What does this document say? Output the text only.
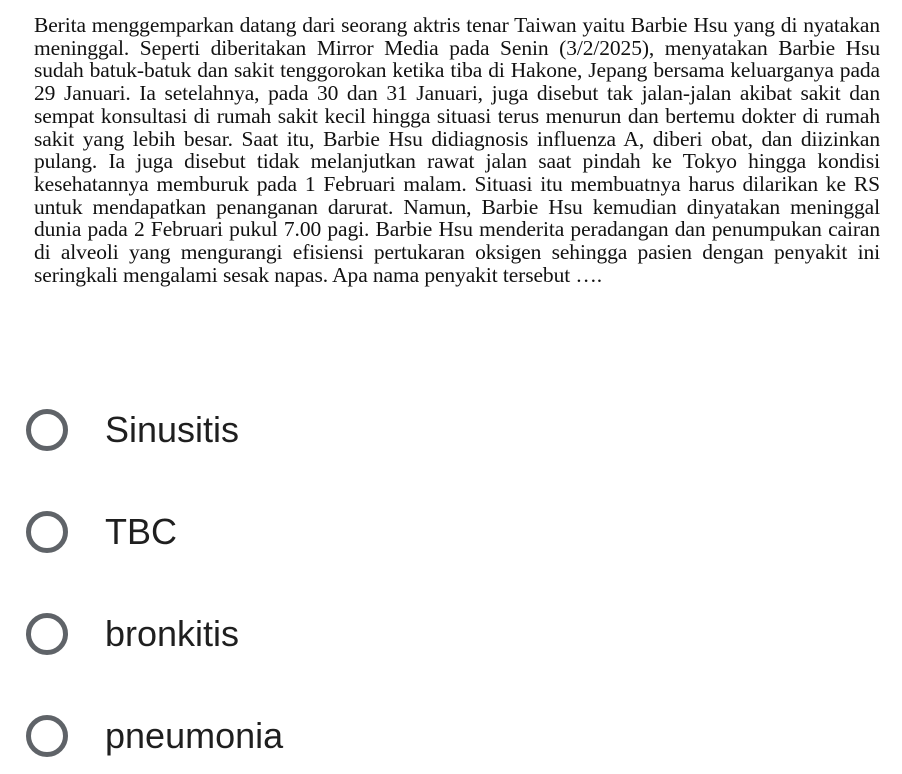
Berita menggemparkan datang dari seorang aktris tenar Taiwan yaitu Barbie Hsu yang di nyatakan meninggal. Seperti diberitakan Mirror Media pada Senin (3/2/2025), menyatakan Barbie Hsu sudah batuk-batuk dan sakit tenggorokan ketika tiba di Hakone, Jepang bersama keluarganya pada 29 Januari. Ia setelahnya, pada 30 dan 31 Januari, juga disebut tak jalan-jalan akibat sakit dan sempat konsultasi di rumah sakit kecil hingga situasi terus menurun dan bertemu dokter di rumah sakit yang lebih besar. Saat itu, Barbie Hsu didiagnosis influenza A, diberi obat, dan diizinkan pulang. Ia juga disebut tidak melanjutkan rawat jalan saat pindah ke Tokyo hingga kondisi kesehatannya memburuk pada 1 Februari malam. Situasi itu membuatnya harus dilarikan ke RS untuk mendapatkan penanganan darurat. Namun, Barbie Hsu kemudian dinyatakan meninggal dunia pada 2 Februari pukul 7.00 pagi. Barbie Hsu menderita peradangan dan penumpukan cairan di alveoli yang mengurangi efisiensi pertukaran oksigen sehingga pasien dengan penyakit ini seringkali mengalami sesak napas. Apa nama penyakit tersebut ….
Sinusitis
TBC
bronkitis
pneumonia
